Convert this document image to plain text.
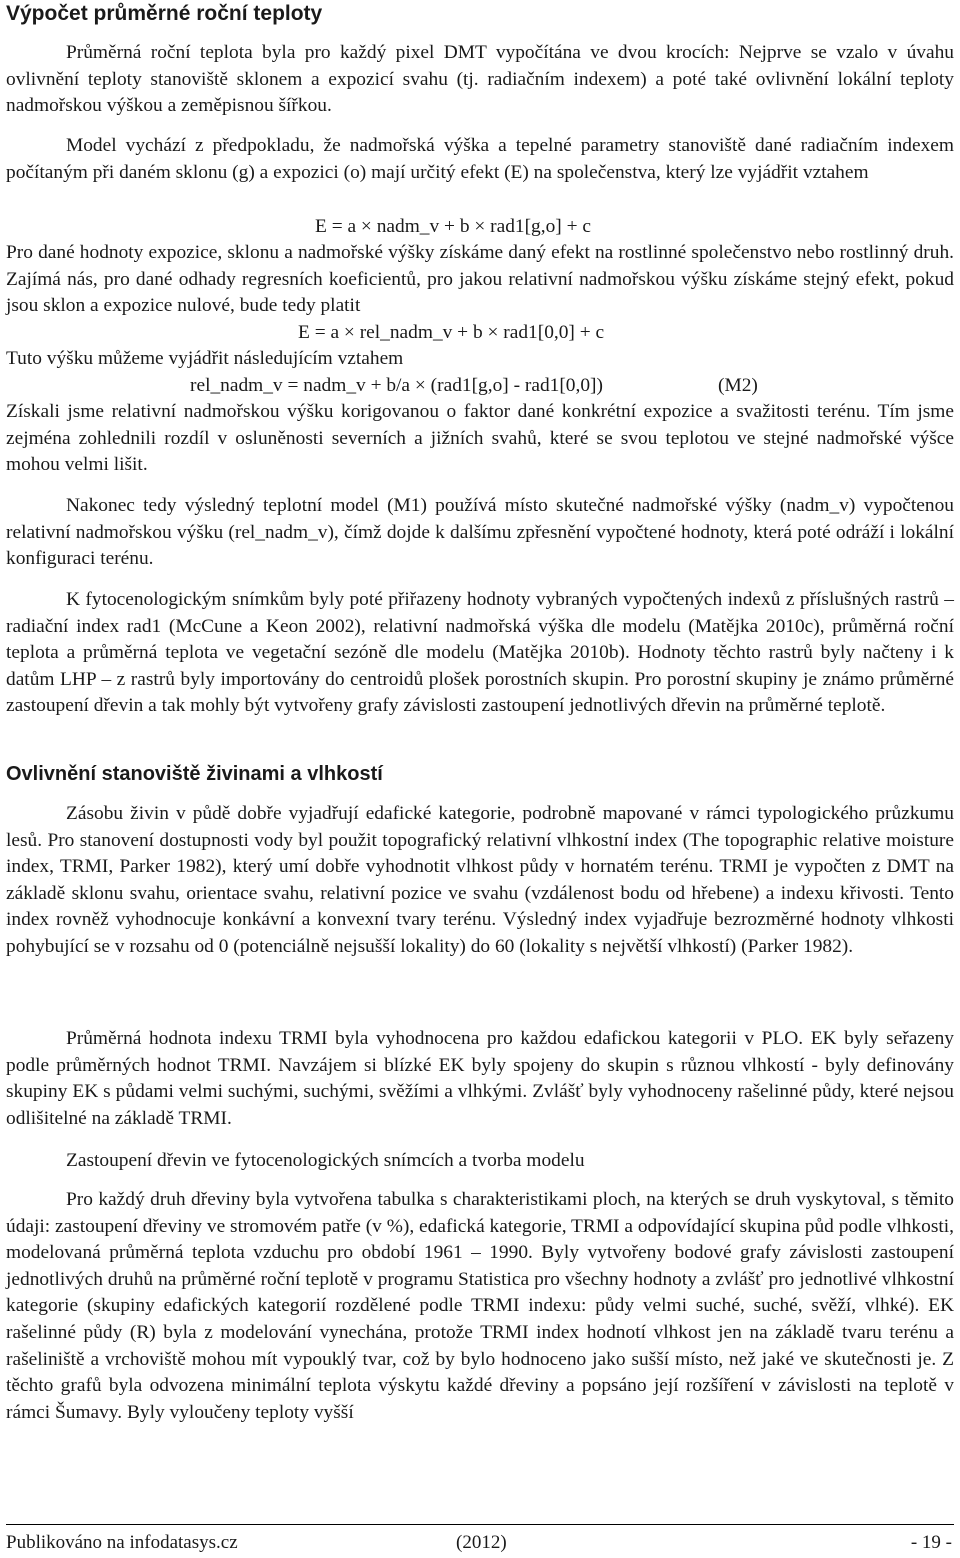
Výpočet průměrné roční teploty

Průměrná roční teplota byla pro každý pixel DMT vypočítána ve dvou krocích: Nejprve se vzalo v úvahu ovlivnění teploty stanoviště sklonem a expozicí svahu (tj. radiačním indexem) a poté také ovlivnění lokální teploty nadmořskou výškou a zeměpisnou šířkou.

Model vychází z předpokladu, že nadmořská výška a tepelné parametry stanoviště dané radiačním indexem počítaným při daném sklonu (g) a expozici (o) mají určitý efekt (E) na společenstva, který lze vyjádřit vztahem

E = a × nadm_v + b × rad1[g,o] + c

Pro dané hodnoty expozice, sklonu a nadmořské výšky získáme daný efekt na rostlinné společenstvo nebo rostlinný druh. Zajímá nás, pro dané odhady regresních koeficientů, pro jakou relativní nadmořskou výšku získáme stejný efekt, pokud jsou sklon a expozice nulové, bude tedy platit

E = a × rel_nadm_v + b × rad1[0,0] + c

Tuto výšku můžeme vyjádřit následujícím vztahem

rel_nadm_v = nadm_v + b/a × (rad1[g,o] - rad1[0,0])	(M2)

Získali jsme relativní nadmořskou výšku korigovanou o faktor dané konkrétní expozice a svažitosti terénu. Tím jsme zejména zohlednili rozdíl v osluněnosti severních a jižních svahů, které se svou teplotou ve stejné nadmořské výšce mohou velmi lišit.

Nakonec tedy výsledný teplotní model (M1) používá místo skutečné nadmořské výšky (nadm_v) vypočtenou relativní nadmořskou výšku (rel_nadm_v), čímž dojde k dalšímu zpřesnění vypočtené hodnoty, která poté odráží i lokální konfiguraci terénu.

K fytocenologickým snímkům byly poté přiřazeny hodnoty vybraných vypočtených indexů z příslušných rastrů – radiační index rad1 (McCune a Keon 2002), relativní nadmořská výška dle modelu (Matějka 2010c), průměrná roční teplota a průměrná teplota ve vegetační sezóně dle modelu (Matějka 2010b). Hodnoty těchto rastrů byly načteny i k datům LHP – z rastrů byly importovány do centroidů plošek porostních skupin. Pro porostní skupiny je známo průměrné zastoupení dřevin a tak mohly být vytvořeny grafy závislosti zastoupení jednotlivých dřevin na průměrné teplotě.

Ovlivnění stanoviště živinami a vlhkostí

Zásobu živin v půdě dobře vyjadřují edafické kategorie, podrobně mapované v rámci typologického průzkumu lesů. Pro stanovení dostupnosti vody byl použit topografický relativní vlhkostní index (The topographic relative moisture index, TRMI, Parker 1982), který umí dobře vyhodnotit vlhkost půdy v hornatém terénu. TRMI je vypočten z DMT na základě sklonu svahu, orientace svahu, relativní pozice ve svahu (vzdálenost bodu od hřebene) a indexu křivosti. Tento index rovněž vyhodnocuje konkávní a konvexní tvary terénu. Výsledný index vyjadřuje bezrozměrné hodnoty vlhkosti pohybující se v rozsahu od 0 (potenciálně nejsušší lokality) do 60 (lokality s největší vlhkostí) (Parker 1982).

Průměrná hodnota indexu TRMI byla vyhodnocena pro každou edafickou kategorii v PLO. EK byly seřazeny podle průměrných hodnot TRMI. Navzájem si blízké EK byly spojeny do skupin s různou vlhkostí - byly definovány skupiny EK s půdami velmi suchými, suchými, svěžími a vlhkými. Zvlášť byly vyhodnoceny rašelinné půdy, které nejsou odlišitelné na základě TRMI.

Zastoupení dřevin ve fytocenologických snímcích a tvorba modelu

Pro každý druh dřeviny byla vytvořena tabulka s charakteristikami ploch, na kterých se druh vyskytoval, s těmito údaji: zastoupení dřeviny ve stromovém patře (v %), edafická kategorie, TRMI a odpovídající skupina půd podle vlhkosti, modelovaná průměrná teplota vzduchu pro období 1961 – 1990. Byly vytvořeny bodové grafy závislosti zastoupení jednotlivých druhů na průměrné roční teplotě v programu Statistica pro všechny hodnoty a zvlášť pro jednotlivé vlhkostní kategorie (skupiny edafických kategorií rozdělené podle TRMI indexu: půdy velmi suché, suché, svěží, vlhké). EK rašelinné půdy (R) byla z modelování vynechána, protože TRMI index hodnotí vlhkost jen na základě tvaru terénu a rašeliniště a vrchoviště mohou mít vypouklý tvar, což by bylo hodnoceno jako sušší místo, než jaké ve skutečnosti je. Z těchto grafů byla odvozena minimální teplota výskytu každé dřeviny a popsáno její rozšíření v závislosti na teplotě v rámci Šumavy. Byly vyloučeny teploty vyšší

Publikováno na infodatasys.cz	(2012)	- 19 -
